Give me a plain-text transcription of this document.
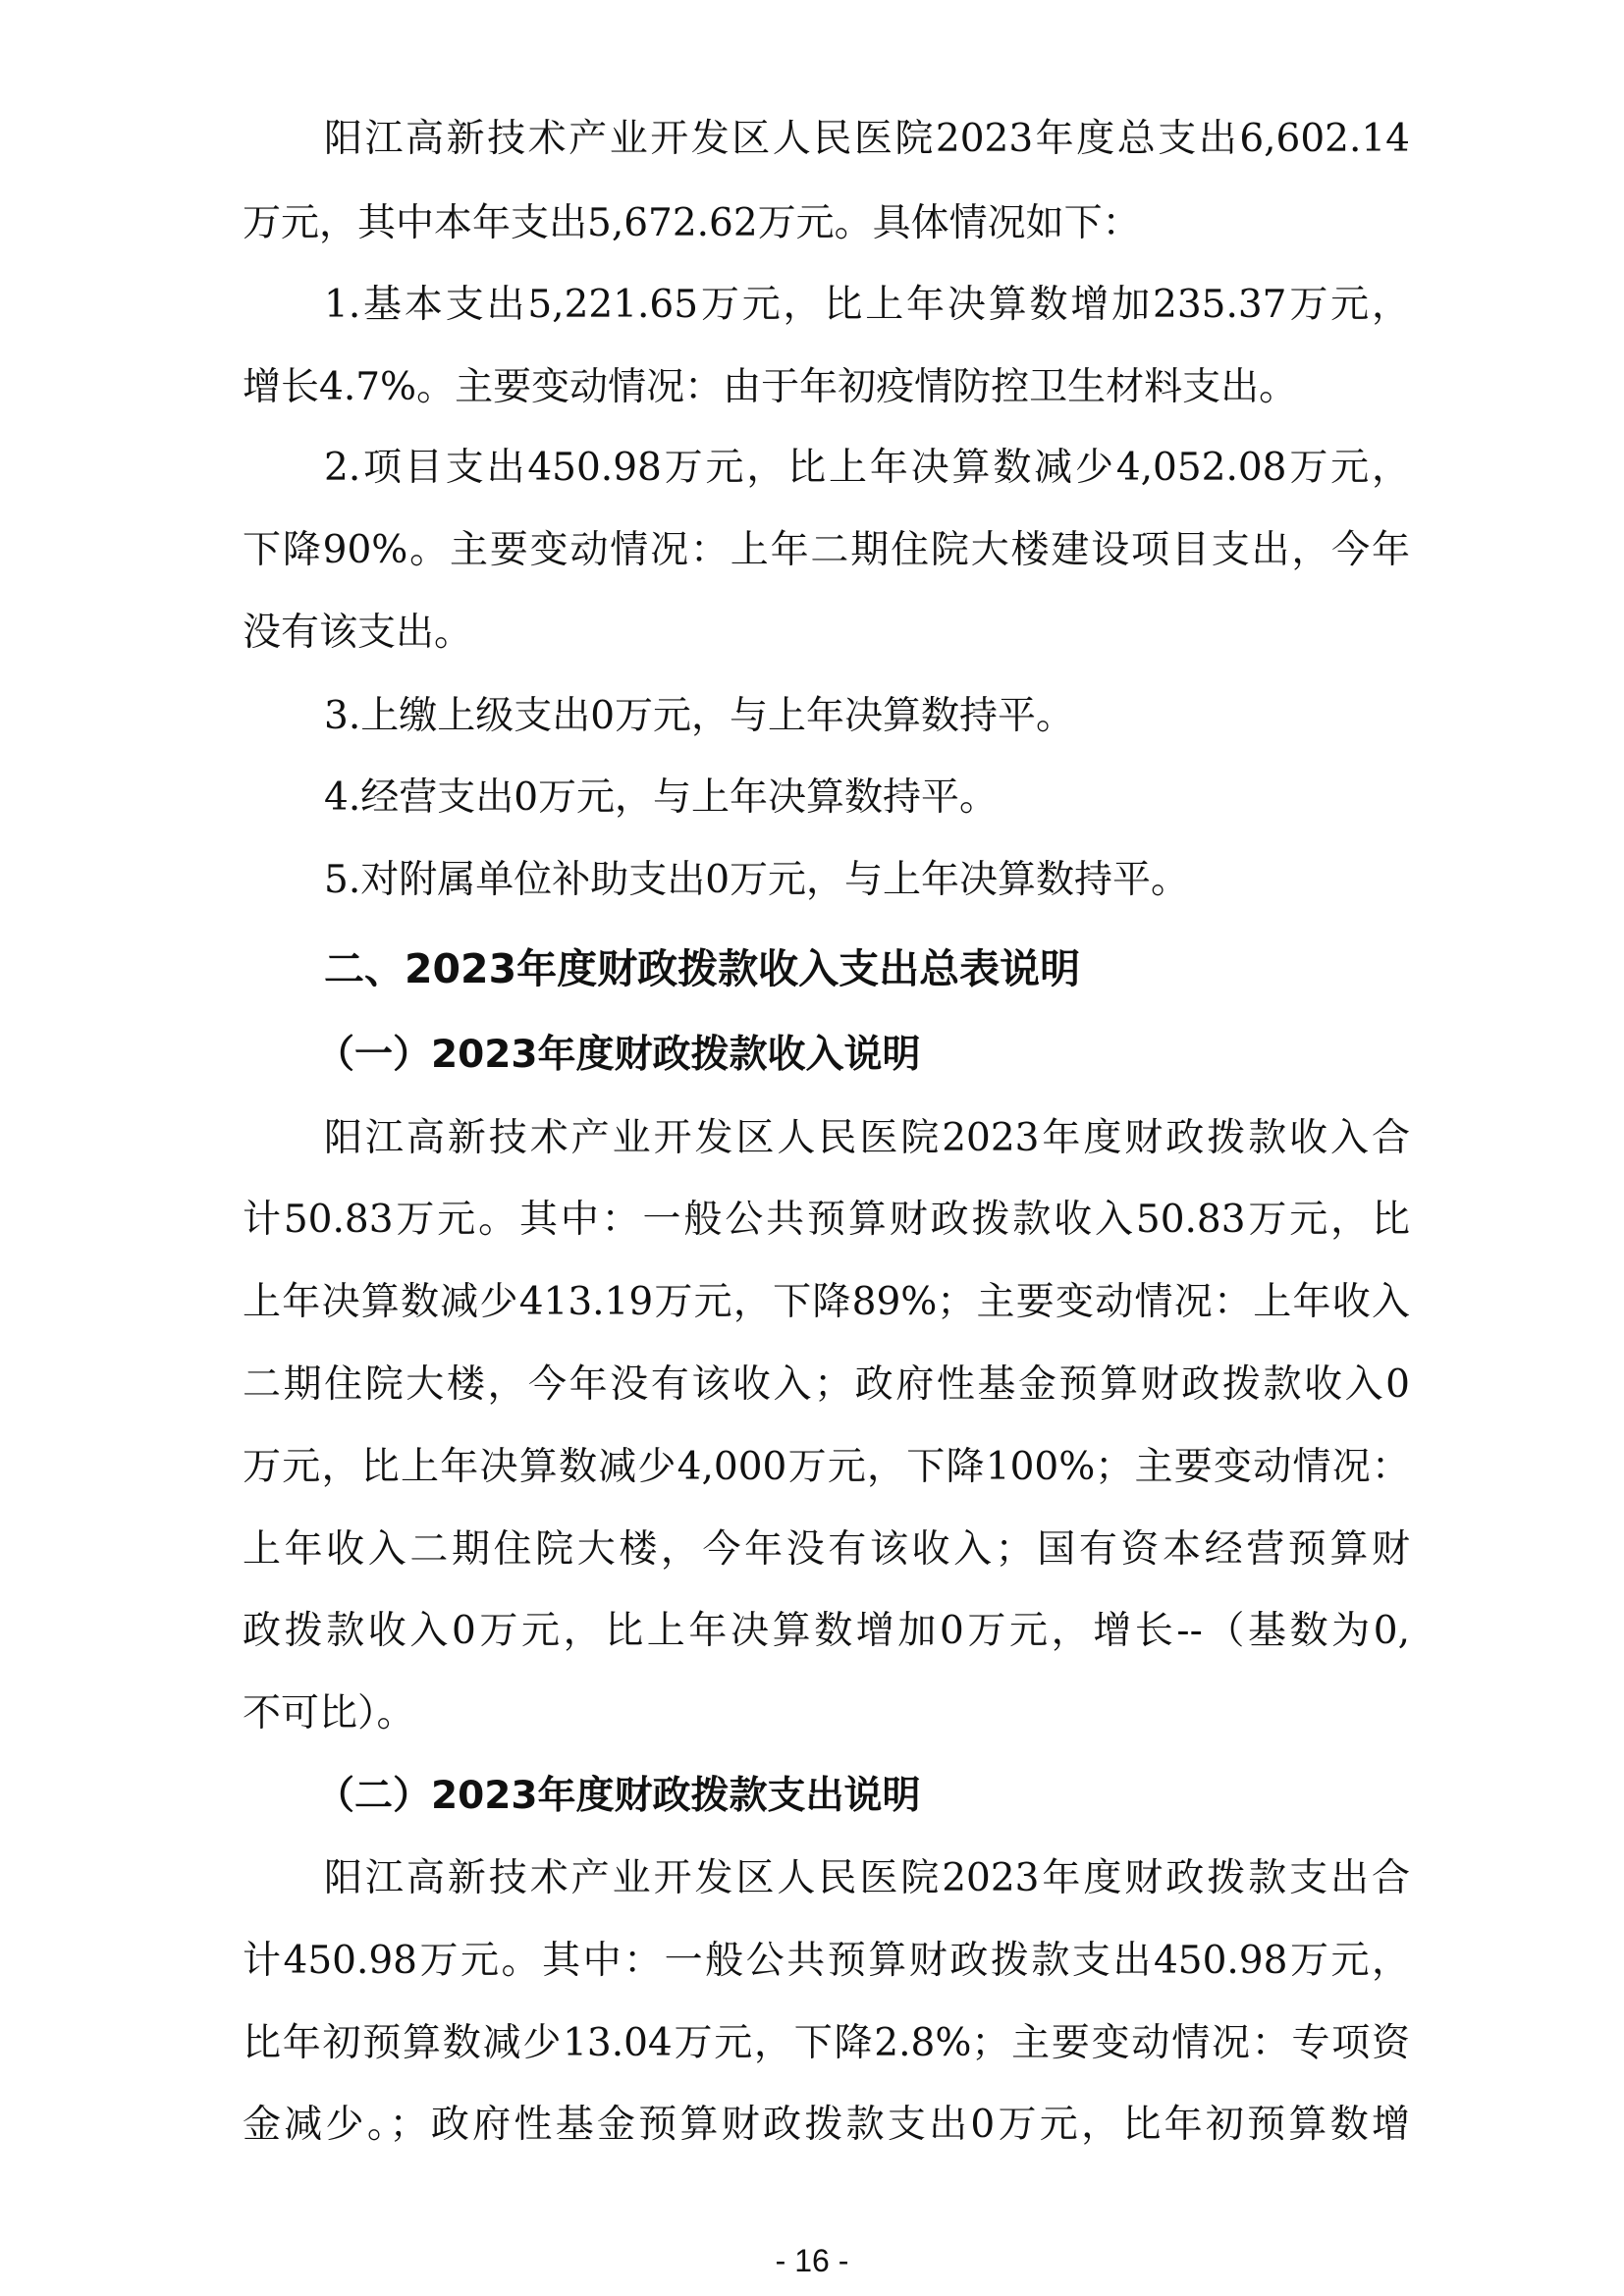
阳江高新技术产业开发区人民医院2023年度总支出6,602.14
万元，其中本年支出5,672.62万元。具体情况如下：
1.基本支出5,221.65万元，比上年决算数增加235.37万元，
增长4.7%。主要变动情况：由于年初疫情防控卫生材料支出。
2.项目支出450.98万元，比上年决算数减少4,052.08万元，
下降90%。主要变动情况：上年二期住院大楼建设项目支出，今年
没有该支出。
3.上缴上级支出0万元，与上年决算数持平。
4.经营支出0万元，与上年决算数持平。
5.对附属单位补助支出0万元，与上年决算数持平。
二、2023年度财政拨款收入支出总表说明
（一）2023年度财政拨款收入说明
阳江高新技术产业开发区人民医院2023年度财政拨款收入合
计50.83万元。其中：一般公共预算财政拨款收入50.83万元，比
上年决算数减少413.19万元，下降89%；主要变动情况：上年收入
二期住院大楼，今年没有该收入；政府性基金预算财政拨款收入0
万元，比上年决算数减少4,000万元，下降100%；主要变动情况：
上年收入二期住院大楼，今年没有该收入；国有资本经营预算财
政拨款收入0万元，比上年决算数增加0万元，增长--（基数为0,
不可比）。
（二）2023年度财政拨款支出说明
阳江高新技术产业开发区人民医院2023年度财政拨款支出合
计450.98万元。其中：一般公共预算财政拨款支出450.98万元，
比年初预算数减少13.04万元，下降2.8%；主要变动情况：专项资
金减少。；政府性基金预算财政拨款支出0万元，比年初预算数增
- 16 -
